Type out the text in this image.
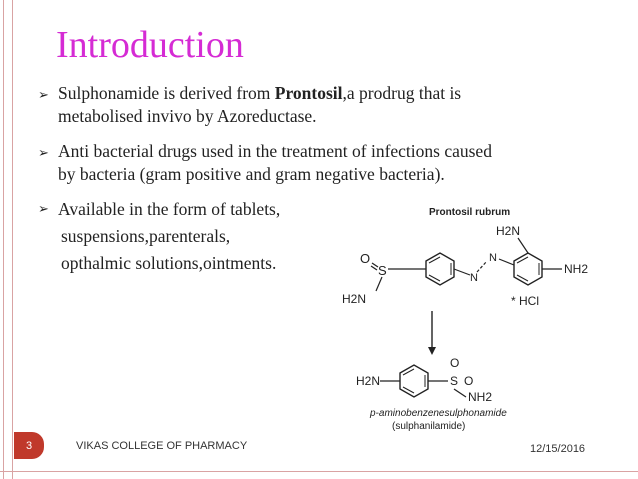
Introduction
➢ Sulphonamide is derived from Prontosil,a prodrug that is
metabolised invivo by Azoreductase.
➢ Anti bacterial drugs used in the treatment of infections caused
by bacteria (gram positive and gram negative bacteria).
➢ Available in the form of tablets,
suspensions,parenterals,
opthalmic solutions,ointments.
Prontosil rubrum
O
S
H2N
N
N
H2N
NH2
* HCl
H2N	S
O
O
NH2
p-aminobenzenesulphonamide
(sulphanilamide)
3	VIKAS COLLEGE OF PHARMACY	12/15/2016
